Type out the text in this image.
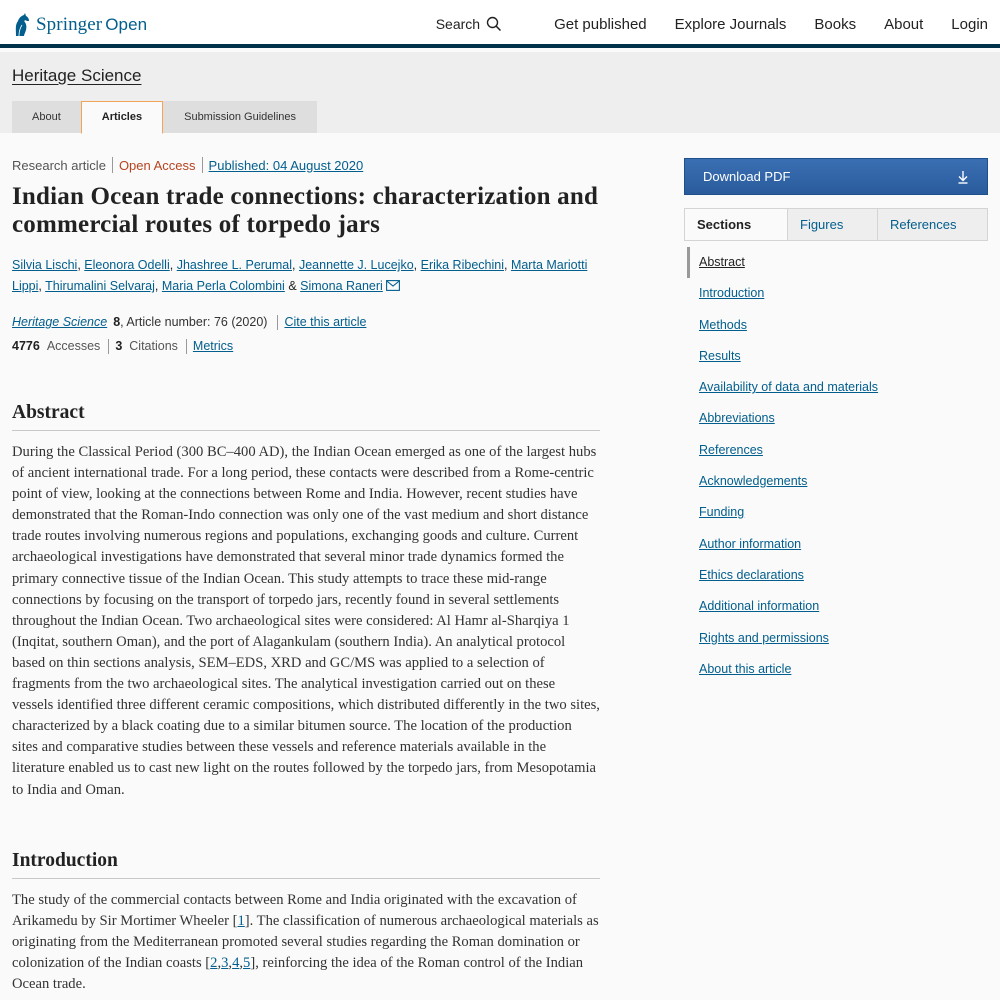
Springer Open	Search	Get published Explore Journals Books About Login
Heritage Science
About	Articles	Submission Guidelines
Research article Open Access Published: 04 August 2020
Indian Ocean trade connections: characterization and commercial routes of torpedo jars
Silvia Lischi, Eleonora Odelli, Jhashree L. Perumal, Jeannette J. Lucejko, Erika Ribechini, Marta Mariotti Lippi, Thirumalini Selvaraj, Maria Perla Colombini & Simona Raneri
Heritage Science 8 , Article number: 76 (2020) Cite this article
4776 Accesses 3 Citations Metrics
Abstract

During the Classical Period (300 BC–400 AD), the Indian Ocean emerged as one of the largest hubs of ancient international trade. For a long period, these contacts were described from a Rome-centric point of view, looking at the connections between Rome and India. However, recent studies have demonstrated that the Roman-Indo connection was only one of the vast medium and short distance trade routes involving numerous regions and populations, exchanging goods and culture. Current archaeological investigations have demonstrated that several minor trade dynamics formed the primary connective tissue of the Indian Ocean. This study attempts to trace these mid-range connections by focusing on the transport of torpedo jars, recently found in several settlements throughout the Indian Ocean. Two archaeological sites were considered: Al Hamr al-Sharqiya 1 (Inqitat, southern Oman), and the port of Alagankulam (southern India). An analytical protocol based on thin sections analysis, SEM–EDS, XRD and GC/MS was applied to a selection of fragments from the two archaeological sites. The analytical investigation carried out on these vessels identified three different ceramic compositions, which distributed differently in the two sites, characterized by a black coating due to a similar bitumen source. The location of the production sites and comparative studies between these vessels and reference materials available in the literature enabled us to cast new light on the routes followed by the torpedo jars, from Mesopotamia to India and Oman.

Introduction

The study of the commercial contacts between Rome and India originated with the excavation of Arikamedu by Sir Mortimer Wheeler [1]. The classification of numerous archaeological materials as originating from the Mediterranean promoted several studies regarding the Roman domination or colonization of the Indian coasts [2,3,4,5], reinforcing the idea of the Roman control of the Indian Ocean trade.

Download PDF
Sections	Figures	References
Abstract
Introduction
Methods
Results
Availability of data and materials
Abbreviations
References
Acknowledgements
Funding
Author information
Ethics declarations
Additional information
Rights and permissions
About this article
